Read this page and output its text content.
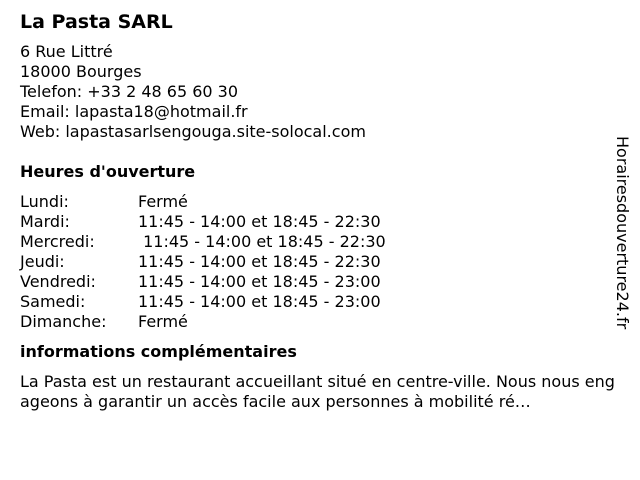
La Pasta SARL
6 Rue Littré
18000 Bourges
Telefon: +33 2 48 65 60 30
Email: lapasta18@hotmail.fr
Web: lapastasarlsengouga.site-solocal.com
Heures d'ouverture
Lundi:	Fermé
Mardi:	11:45 - 14:00 et 18:45 - 22:30
Mercredi:	11:45 - 14:00 et 18:45 - 22:30
Jeudi:	11:45 - 14:00 et 18:45 - 22:30
Vendredi:	11:45 - 14:00 et 18:45 - 23:00
Samedi:	11:45 - 14:00 et 18:45 - 23:00
Dimanche:	Fermé
informations complémentaires

La Pasta est un restaurant accueillant situé en centre-ville. Nous nous engageons à garantir un accès facile aux personnes à mobilité ré…

Horairesdouverture24.fr
